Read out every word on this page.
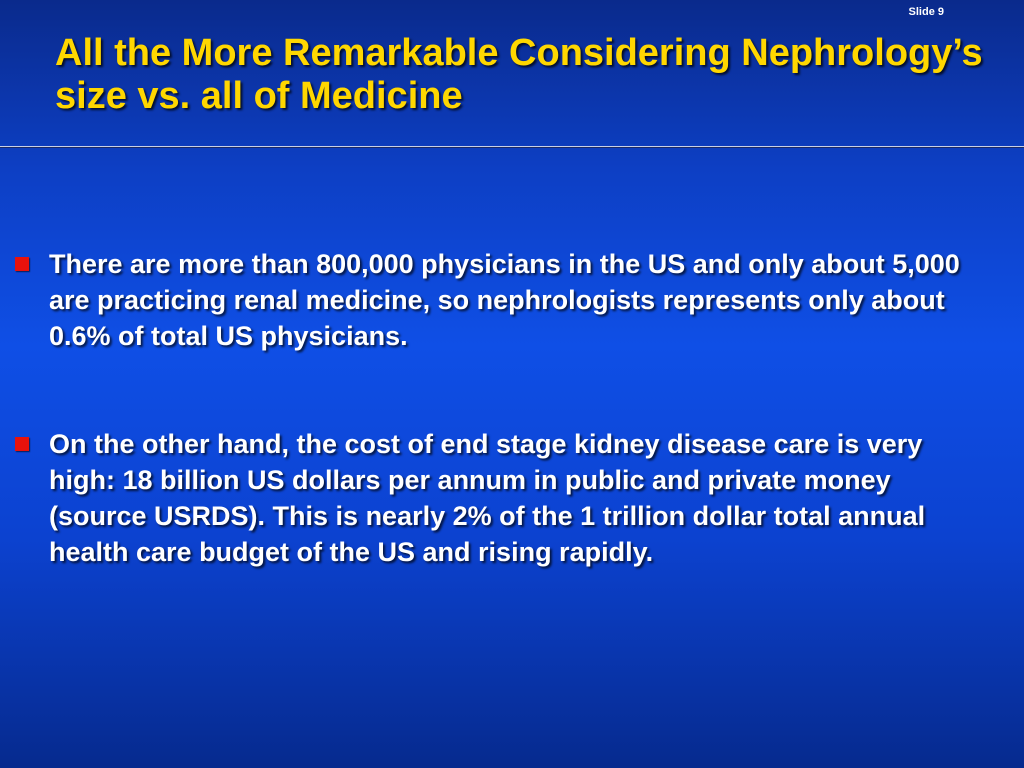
Slide 9
All the More Remarkable Considering Nephrology’s size vs. all of Medicine
There are more than 800,000 physicians in the US and only about 5,000 are practicing renal medicine, so nephrologists represents only about 0.6% of total US physicians.
On the other hand, the cost of end stage kidney disease care is very high: 18 billion US dollars per annum in public and private money (source USRDS). This is nearly 2% of the 1 trillion dollar total annual health care budget of the US and rising rapidly.
